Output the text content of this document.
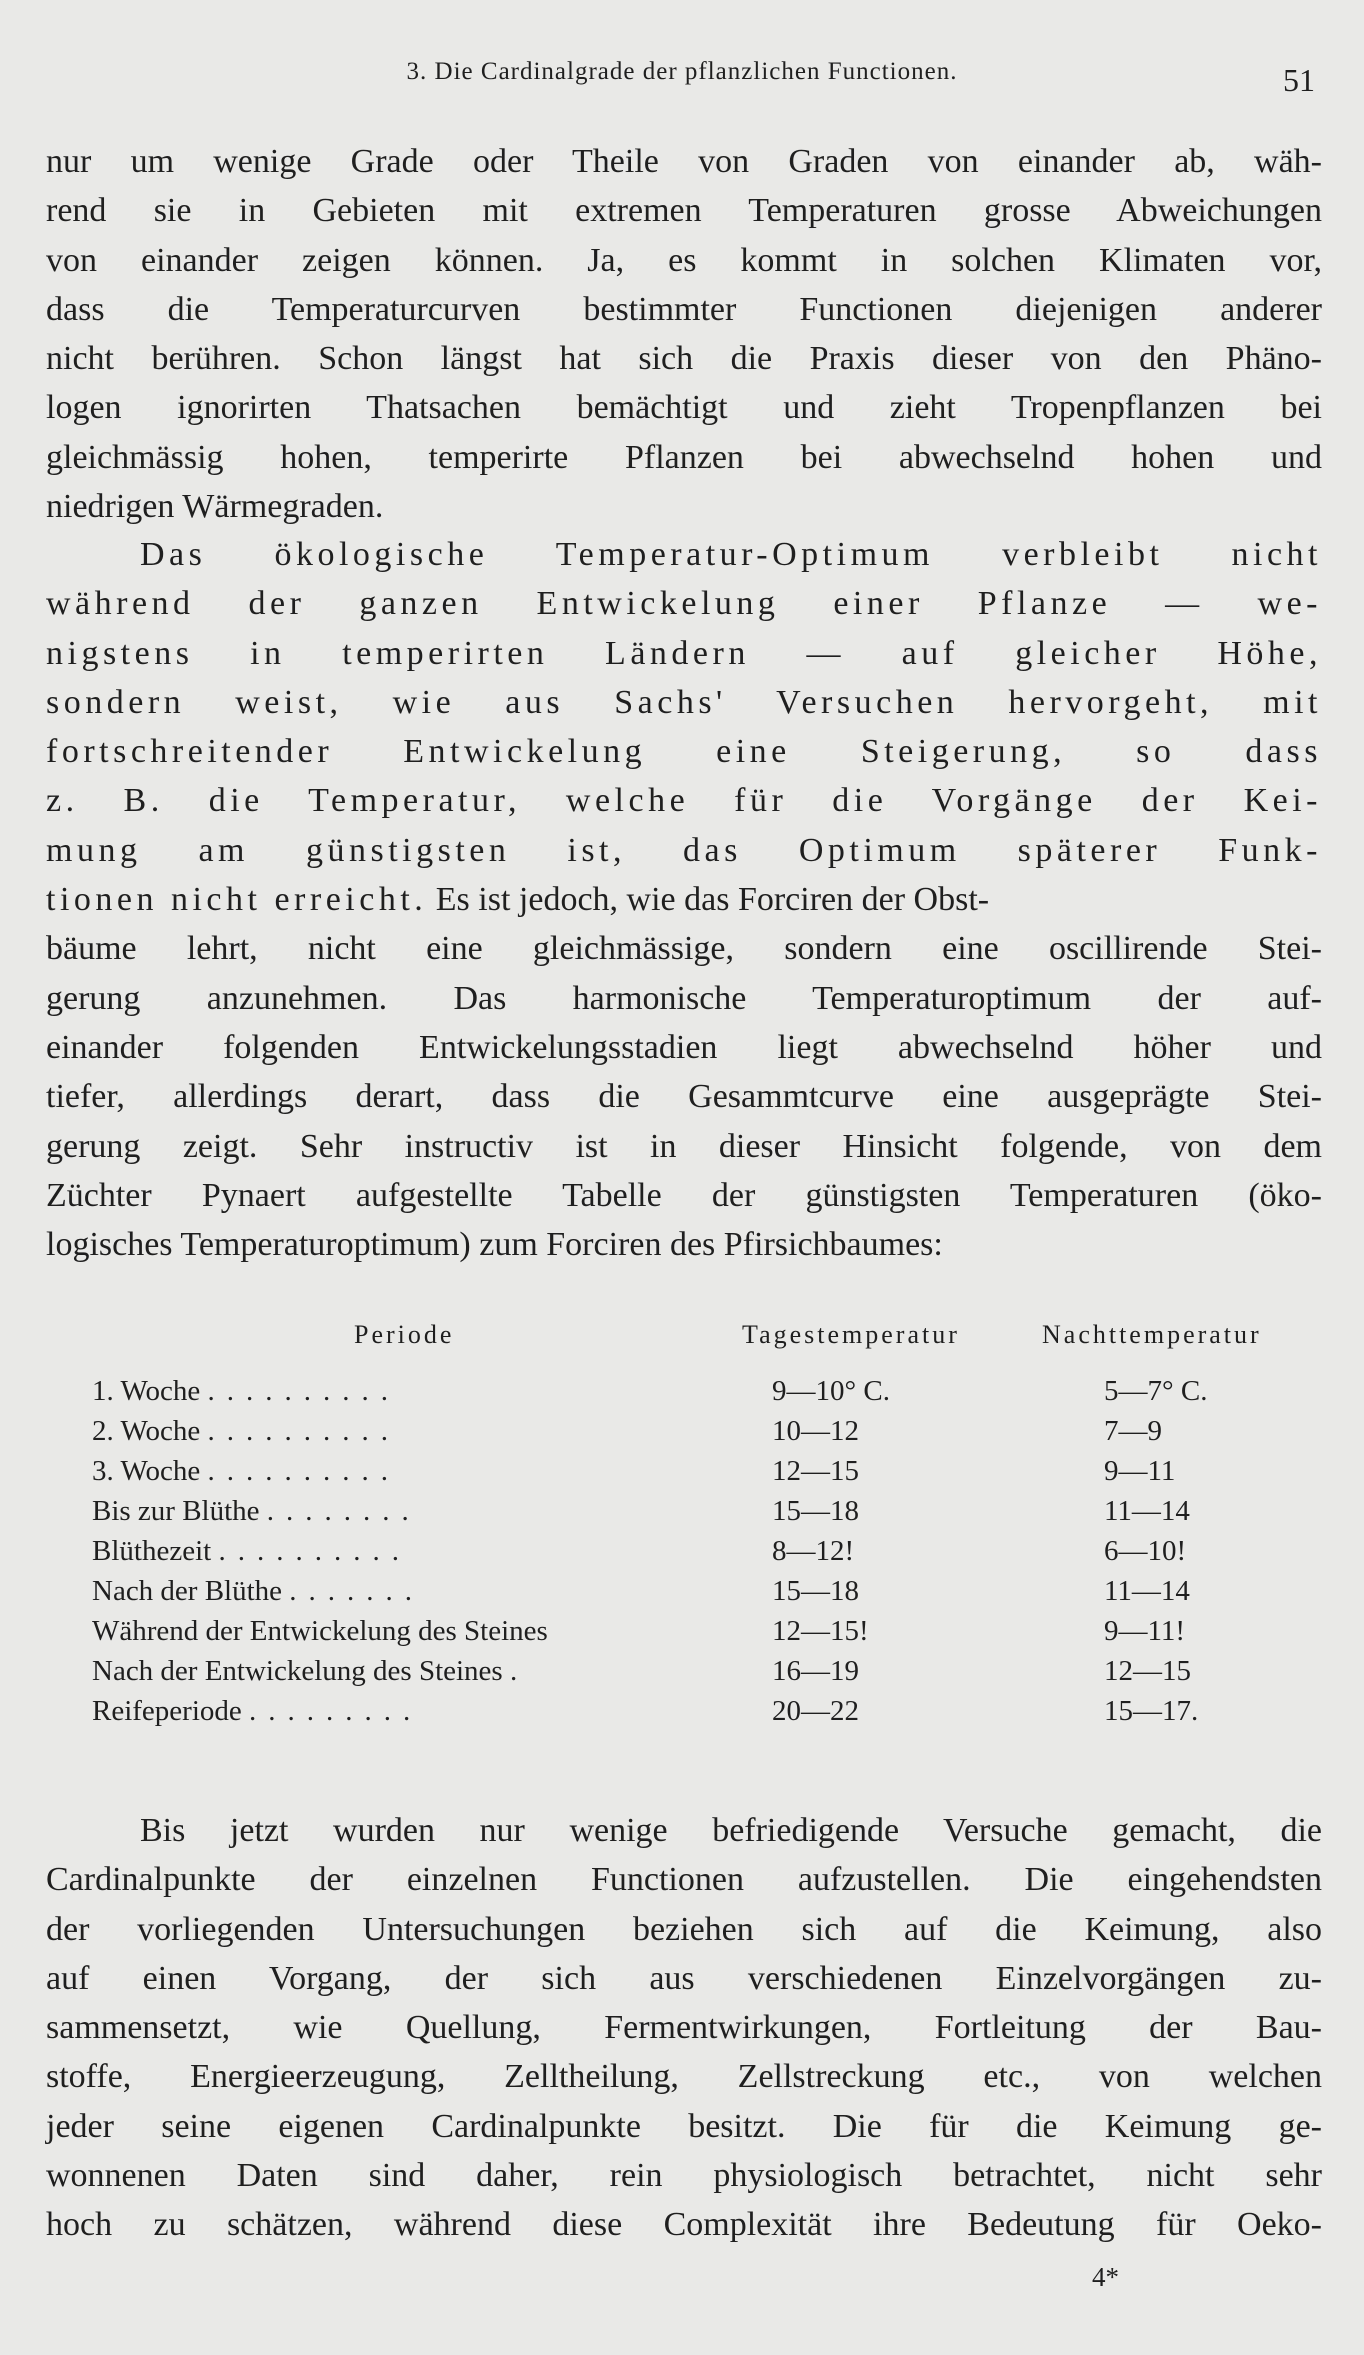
3. Die Cardinalgrade der pflanzlichen Functionen.	51
nur um wenige Grade oder Theile von Graden von einander ab, wäh-
rend sie in Gebieten mit extremen Temperaturen grosse Abweichungen
von einander zeigen können. Ja, es kommt in solchen Klimaten vor,
dass die Temperaturcurven bestimmter Functionen diejenigen anderer
nicht berühren. Schon längst hat sich die Praxis dieser von den Phäno-
logen ignorirten Thatsachen bemächtigt und zieht Tropenpflanzen bei
gleichmässig hohen, temperirte Pflanzen bei abwechselnd hohen und
niedrigen Wärmegraden.
Das ökologische Temperatur-Optimum verbleibt nicht
während der ganzen Entwickelung einer Pflanze — we-
nigstens in temperirten Ländern — auf gleicher Höhe,
sondern weist, wie aus Sachs' Versuchen hervorgeht, mit
fortschreitender Entwickelung eine Steigerung, so dass
z. B. die Temperatur, welche für die Vorgänge der Kei-
mung am günstigsten ist, das Optimum späterer Funk-
tionen nicht erreicht. Es ist jedoch, wie das Forciren der Obst-
bäume lehrt, nicht eine gleichmässige, sondern eine oscillirende Stei-
gerung anzunehmen. Das harmonische Temperaturoptimum der auf-
einander folgenden Entwickelungsstadien liegt abwechselnd höher und
tiefer, allerdings derart, dass die Gesammtcurve eine ausgeprägte Stei-
gerung zeigt. Sehr instructiv ist in dieser Hinsicht folgende, von dem
Züchter Pynaert aufgestellte Tabelle der günstigsten Temperaturen (öko-
logisches Temperaturoptimum) zum Forciren des Pfirsichbaumes:
Periode	Tagestemperatur	Nachttemperatur
1. Woche ..........	9—10° C.	5—7° C.
2. Woche ..........	10—12	7—9
3. Woche ..........	12—15	9—11
Bis zur Blüthe ........	15—18	11—14
Blüthezeit ..........	8—12!	6—10!
Nach der Blüthe .......	15—18	11—14
Während der Entwickelung des Steines	12—15!	9—11!
Nach der Entwickelung des Steines .	16—19	12—15
Reifeperiode .........	20—22	15—17.
Bis jetzt wurden nur wenige befriedigende Versuche gemacht, die
Cardinalpunkte der einzelnen Functionen aufzustellen. Die eingehendsten
der vorliegenden Untersuchungen beziehen sich auf die Keimung, also
auf einen Vorgang, der sich aus verschiedenen Einzelvorgängen zu-
sammensetzt, wie Quellung, Fermentwirkungen, Fortleitung der Bau-
stoffe, Energieerzeugung, Zelltheilung, Zellstreckung etc., von welchen
jeder seine eigenen Cardinalpunkte besitzt. Die für die Keimung ge-
wonnenen Daten sind daher, rein physiologisch betrachtet, nicht sehr
hoch zu schätzen, während diese Complexität ihre Bedeutung für Oeko-
4*
